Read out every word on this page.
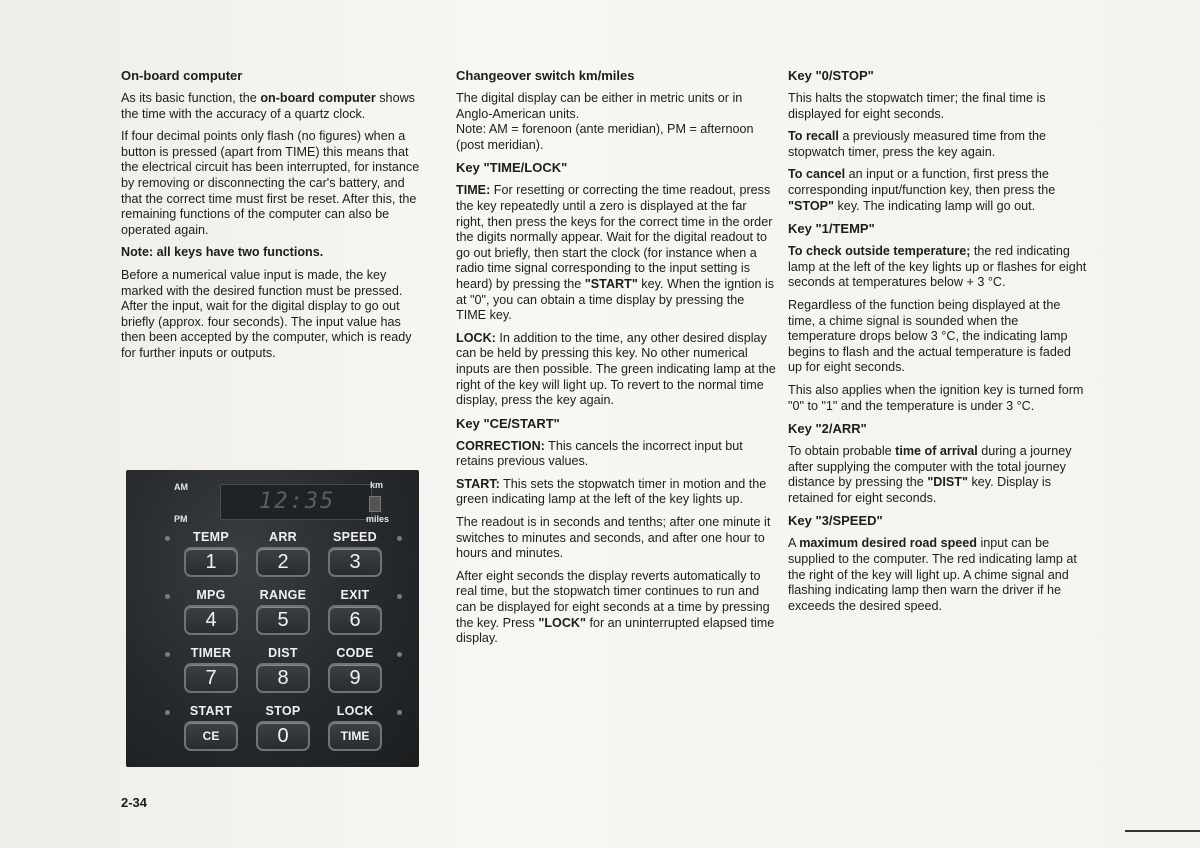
On-board computer

As its basic function, the on-board computer shows the time with the accuracy of a quartz clock.

If four decimal points only flash (no figures) when a button is pressed (apart from TIME) this means that the electrical circuit has been interrupted, for instance by removing or disconnecting the car's battery, and that the correct time must first be reset. After this, the remaining functions of the computer can also be operated again.

Note: all keys have two functions.

Before a numerical value input is made, the key marked with the desired function must be pressed. After the input, wait for the digital display to go out briefly (approx. four seconds). The input value has then been accepted by the computer, which is ready for further inputs or outputs.

AM
PM
12:35
km
miles
TEMP
1
ARR
2
SPEED
3
MPG
4
RANGE
5
EXIT
6
TIMER
7
DIST
8
CODE
9
START
CE
STOP
0
LOCK
TIME
Changeover switch km/miles

The digital display can be either in metric units or in Anglo-American units.

Note: AM = forenoon (ante meridian), PM = afternoon (post meridian).

Key "TIME/LOCK"

TIME: For resetting or correcting the time readout, press the key repeatedly until a zero is displayed at the far right, then press the keys for the correct time in the order the digits normally appear. Wait for the digital readout to go out briefly, then start the clock (for instance when a radio time signal corresponding to the input setting is heard) by pressing the "START" key. When the igntion is at "0", you can obtain a time display by pressing the TIME key.

LOCK: In addition to the time, any other desired display can be held by pressing this key. No other numerical inputs are then possible. The green indicating lamp at the right of the key will light up. To revert to the normal time display, press the key again.

Key "CE/START"

CORRECTION: This cancels the incorrect input but retains previous values.

START: This sets the stopwatch timer in motion and the green indicating lamp at the left of the key lights up.

The readout is in seconds and tenths; after one minute it switches to minutes and seconds, and after one hour to hours and minutes.

After eight seconds the display reverts automatically to real time, but the stopwatch timer continues to run and can be displayed for eight seconds at a time by pressing the key. Press "LOCK" for an uninterrupted elapsed time display.

Key "0/STOP"

This halts the stopwatch timer; the final time is displayed for eight seconds.

To recall a previously measured time from the stopwatch timer, press the key again.

To cancel an input or a function, first press the corresponding input/function key, then press the "STOP" key. The indicating lamp will go out.

Key "1/TEMP"

To check outside temperature; the red indicating lamp at the left of the key lights up or flashes for eight seconds at temperatures below + 3 °C.

Regardless of the function being displayed at the time, a chime signal is sounded when the temperature drops below 3 °C, the indicating lamp begins to flash and the actual temperature is faded up for eight seconds.

This also applies when the ignition key is turned form "0" to "1" and the temperature is under 3 °C.

Key "2/ARR"

To obtain probable time of arrival during a journey after supplying the computer with the total journey distance by pressing the "DIST" key. Display is retained for eight seconds.

Key "3/SPEED"

A maximum desired road speed input can be supplied to the computer. The red indicating lamp at the right of the key will light up. A chime signal and flashing indicating lamp then warn the driver if he exceeds the desired speed.

2-34
